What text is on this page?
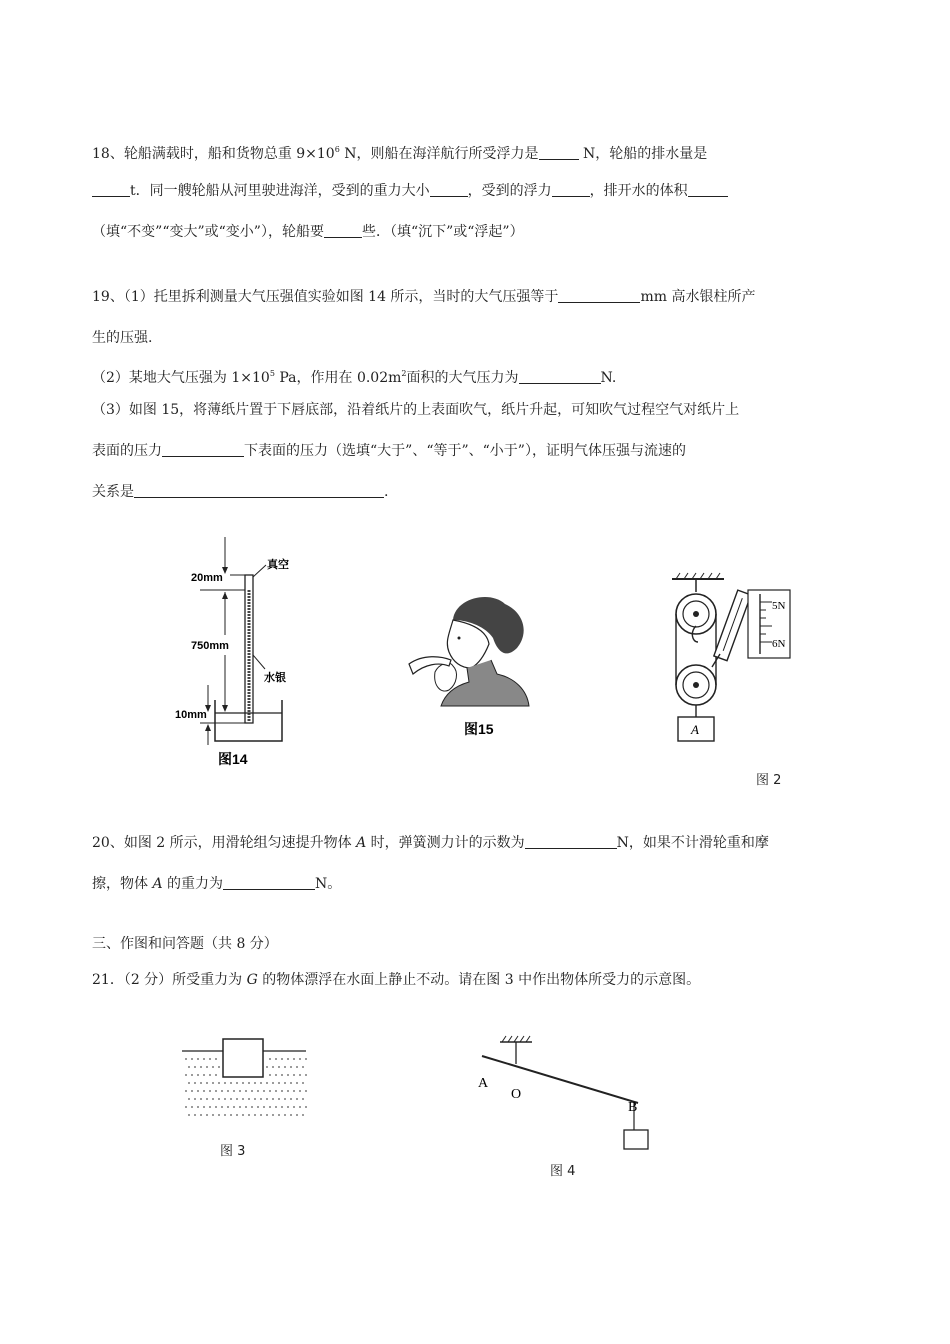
18、轮船满载时，船和货物总重 $9\times 10^6$ N，则船在海洋航行所受浮力是	N，轮船的排水量是
t．同一艘轮船从河里驶进海洋，受到的重力大小	，受到的浮力	，排开水的体积
（填“不变”“变大”或“变小”），轮船要	些．（填“沉下”或“浮起”）
19、（1）托里拆利测量大气压强值实验如图 14 所示，当时的大气压强等于	mm 高水银柱所产
生的压强.
（2）某地大气压强为 $1\times 10^5$ Pa，作用在 $0.02m^2$面积的大气压力为	N.
（3）如图 15，将薄纸片置于下唇底部，沿着纸片的上表面吹气，纸片升起，可知吹气过程空气对纸片上
表面的压力	下表面的压力（选填“大于”、“等于”、“小于”），证明气体压强与流速的
关系是	.
真空
20mm
750mm
水银
10mm
图14
图15
5N
6N
A
图 2
20、如图 2 所示，用滑轮组匀速提升物体 A 时，弹簧测力计的示数为	N，如果不计滑轮重和摩
擦，物体 A 的重力为	N。
三、作图和问答题（共 8 分）
21．（2 分）所受重力为 G 的物体漂浮在水面上静止不动。请在图 3 中作出物体所受力的示意图。
图 3
A
O
B
图 4
